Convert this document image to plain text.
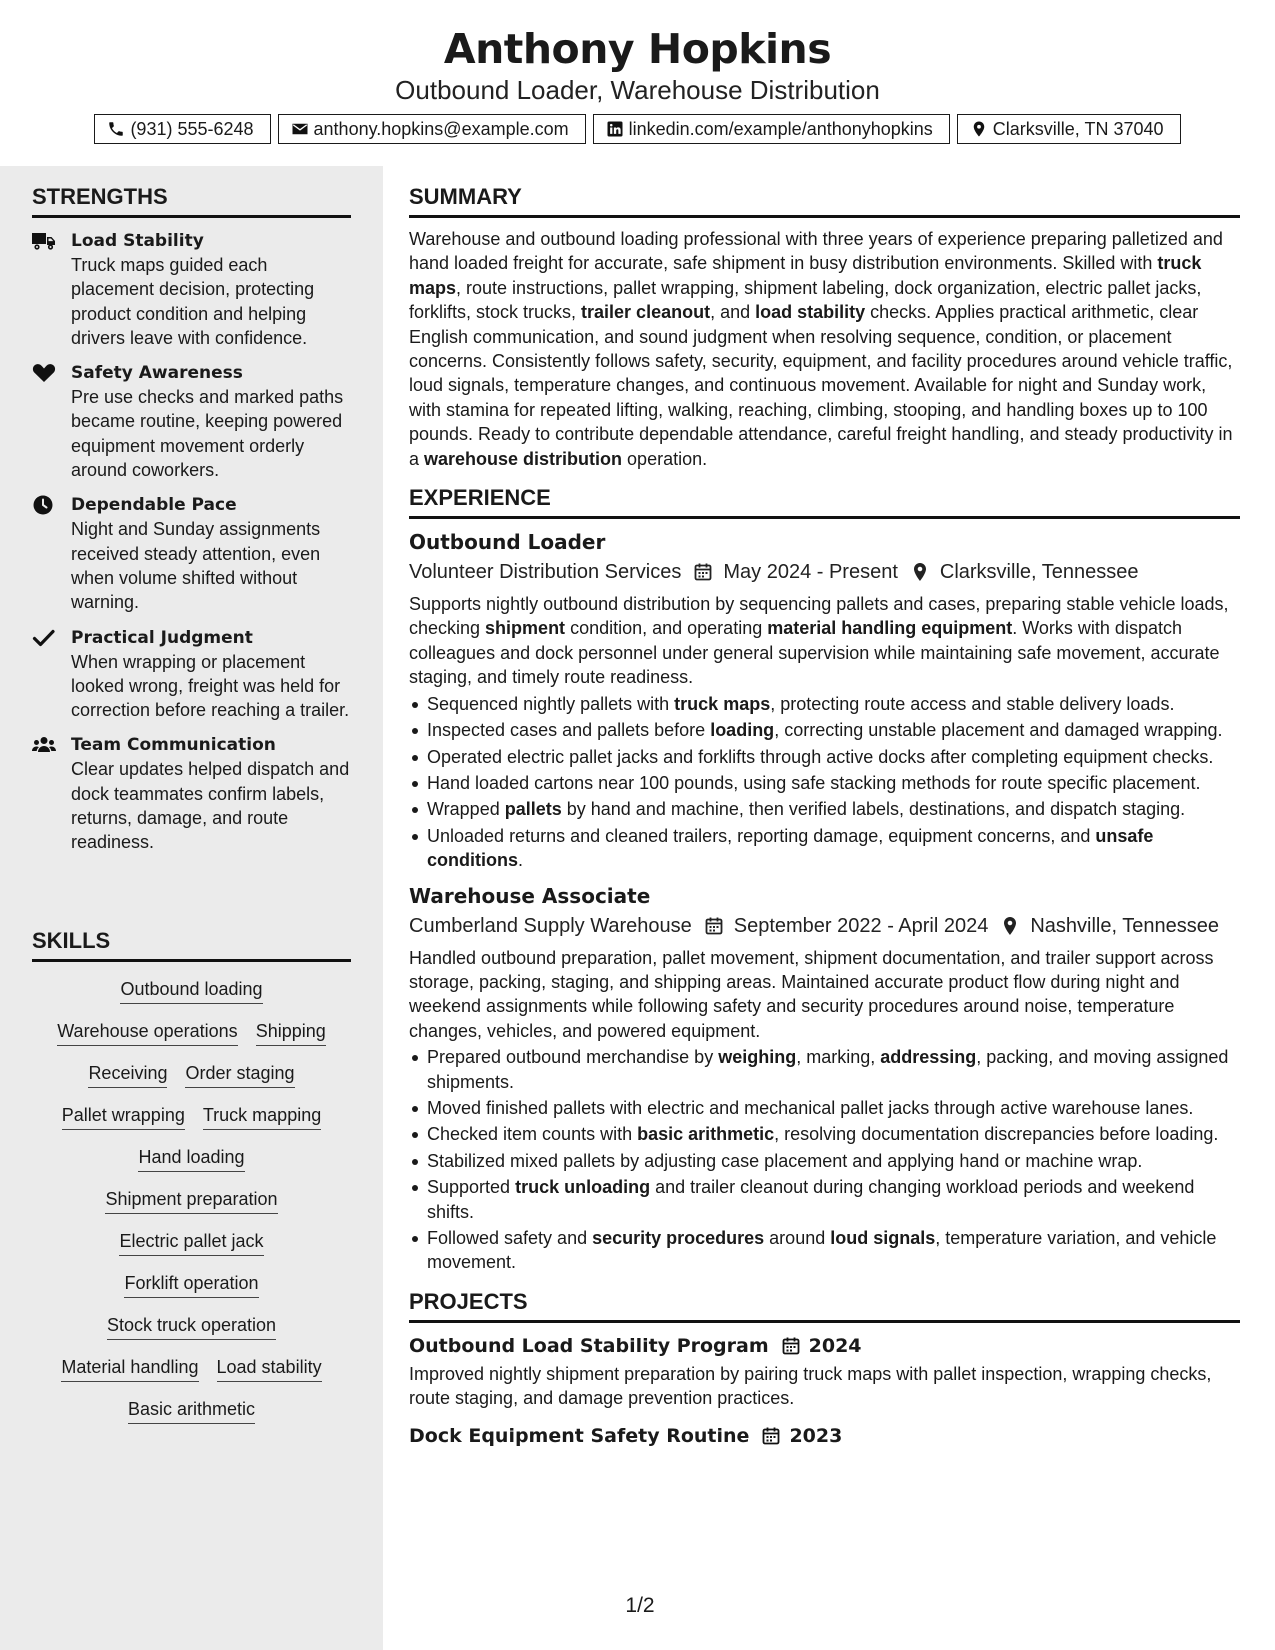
Anthony Hopkins
Outbound Loader, Warehouse Distribution
(931) 555-6248	anthony.hopkins@example.com	linkedin.com/example/anthonyhopkins	Clarksville, TN 37040
STRENGTHS
Load Stability
Truck maps guided each placement decision, protecting product condition and helping drivers leave with confidence.
Safety Awareness
Pre use checks and marked paths became routine, keeping powered equipment movement orderly around coworkers.
Dependable Pace
Night and Sunday assignments received steady attention, even when volume shifted without warning.
Practical Judgment
When wrapping or placement looked wrong, freight was held for correction before reaching a trailer.
Team Communication
Clear updates helped dispatch and dock teammates confirm labels, returns, damage, and route readiness.
SKILLS
Outbound loading
Warehouse operations Shipping
Receiving Order staging
Pallet wrapping Truck mapping
Hand loading
Shipment preparation
Electric pallet jack
Forklift operation
Stock truck operation
Material handling Load stability
Basic arithmetic
SUMMARY
Warehouse and outbound loading professional with three years of experience preparing palletized and hand loaded freight for accurate, safe shipment in busy distribution environments. Skilled with truck maps, route instructions, pallet wrapping, shipment labeling, dock organization, electric pallet jacks, forklifts, stock trucks, trailer cleanout, and load stability checks. Applies practical arithmetic, clear English communication, and sound judgment when resolving sequence, condition, or placement concerns. Consistently follows safety, security, equipment, and facility procedures around vehicle traffic, loud signals, temperature changes, and continuous movement. Available for night and Sunday work, with stamina for repeated lifting, walking, reaching, climbing, stooping, and handling boxes up to 100 pounds. Ready to contribute dependable attendance, careful freight handling, and steady productivity in a warehouse distribution operation.
EXPERIENCE
Outbound Loader
Volunteer Distribution Services May 2024 - Present Clarksville, Tennessee
Supports nightly outbound distribution by sequencing pallets and cases, preparing stable vehicle loads, checking shipment condition, and operating material handling equipment. Works with dispatch colleagues and dock personnel under general supervision while maintaining safe movement, accurate staging, and timely route readiness.
Sequenced nightly pallets with truck maps, protecting route access and stable delivery loads.
Inspected cases and pallets before loading, correcting unstable placement and damaged wrapping.
Operated electric pallet jacks and forklifts through active docks after completing equipment checks.
Hand loaded cartons near 100 pounds, using safe stacking methods for route specific placement.
Wrapped pallets by hand and machine, then verified labels, destinations, and dispatch staging.
Unloaded returns and cleaned trailers, reporting damage, equipment concerns, and unsafe conditions.
Warehouse Associate
Cumberland Supply Warehouse September 2022 - April 2024 Nashville, Tennessee
Handled outbound preparation, pallet movement, shipment documentation, and trailer support across storage, packing, staging, and shipping areas. Maintained accurate product flow during night and weekend assignments while following safety and security procedures around noise, temperature changes, vehicles, and powered equipment.
Prepared outbound merchandise by weighing, marking, addressing, packing, and moving assigned shipments.
Moved finished pallets with electric and mechanical pallet jacks through active warehouse lanes.
Checked item counts with basic arithmetic, resolving documentation discrepancies before loading.
Stabilized mixed pallets by adjusting case placement and applying hand or machine wrap.
Supported truck unloading and trailer cleanout during changing workload periods and weekend shifts.
Followed safety and security procedures around loud signals, temperature variation, and vehicle movement.
PROJECTS
Outbound Load Stability Program 2024
Improved nightly shipment preparation by pairing truck maps with pallet inspection, wrapping checks, route staging, and damage prevention practices.
Dock Equipment Safety Routine 2023
1/2
